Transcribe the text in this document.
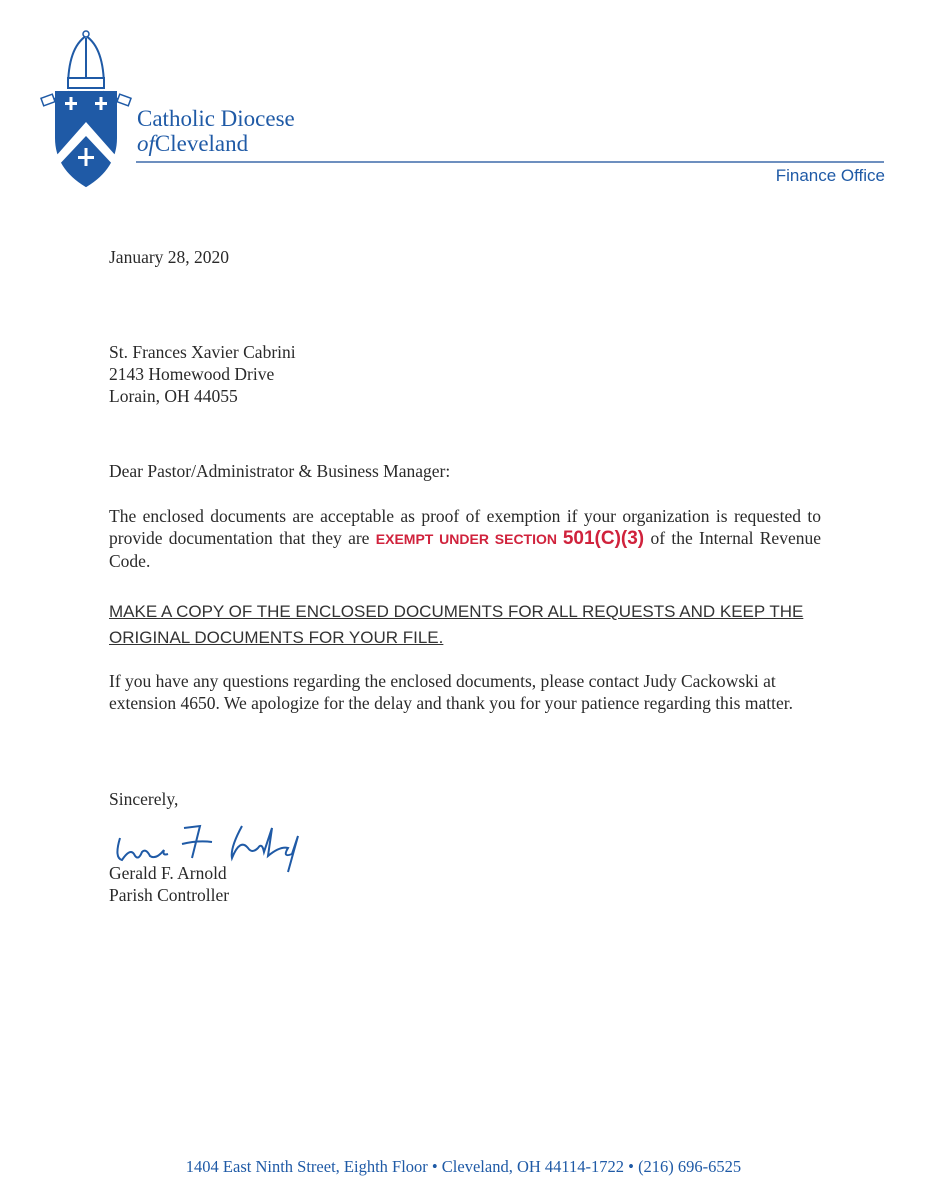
Catholic Diocese
ofCleveland
Finance Office
January 28, 2020
St. Frances Xavier Cabrini
2143 Homewood Drive
Lorain, OH 44055
Dear Pastor/Administrator & Business Manager:
The enclosed documents are acceptable as proof of exemption if your organization is requested to provide documentation that they are EXEMPT UNDER SECTION 501(C)(3) of the Internal Revenue Code.
MAKE A COPY OF THE ENCLOSED DOCUMENTS FOR ALL REQUESTS AND KEEP THE ORIGINAL DOCUMENTS FOR YOUR FILE.
If you have any questions regarding the enclosed documents, please contact Judy Cackowski at extension 4650. We apologize for the delay and thank you for your patience regarding this matter.
Sincerely,
Gerald F. Arnold
Parish Controller
1404 East Ninth Street, Eighth Floor • Cleveland, OH 44114-1722 • (216) 696-6525
